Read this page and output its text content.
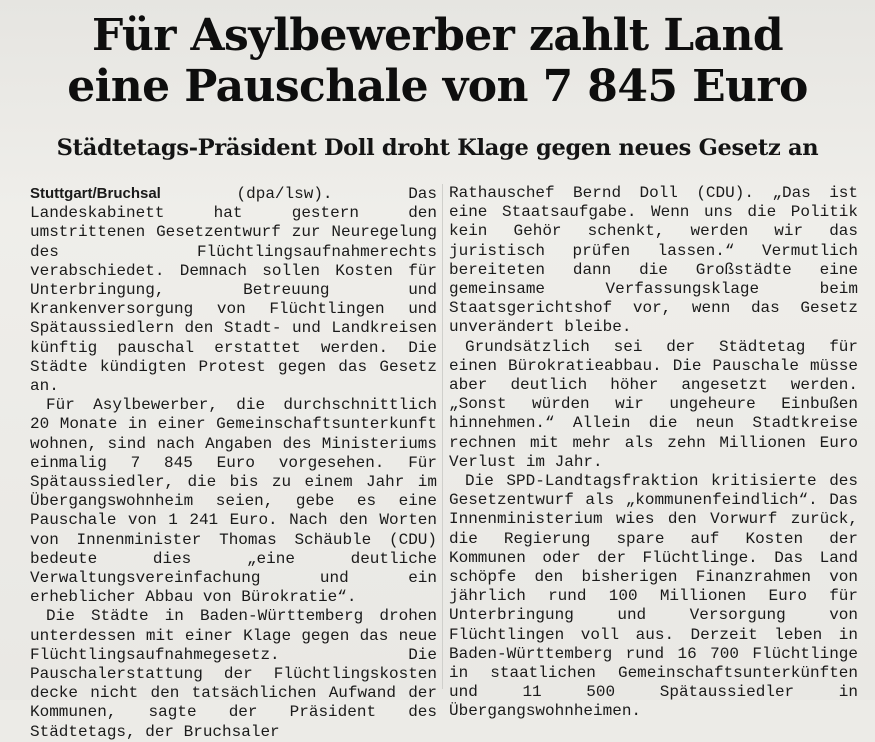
Für Asylbewerber zahlt Land
eine Pauschale von 7 845 Euro
Städtetags-Präsident Doll droht Klage gegen neues Gesetz an

Stuttgart/Bruchsal (dpa/lsw). Das Landeskabinett hat gestern den umstrittenen Gesetzentwurf zur Neuregelung des Flüchtlingsaufnahmerechts verabschiedet. Demnach sollen Kosten für Unterbringung, Betreuung und Krankenversorgung von Flüchtlingen und Spätaussiedlern den Stadt- und Landkreisen künftig pauschal erstattet werden. Die Städte kündigten Protest gegen das Gesetz an.

Für Asylbewerber, die durchschnittlich 20 Monate in einer Gemeinschaftsunterkunft wohnen, sind nach Angaben des Ministeriums einmalig 7 845 Euro vorgesehen. Für Spätaussiedler, die bis zu einem Jahr im Übergangswohnheim seien, gebe es eine Pauschale von 1 241 Euro. Nach den Worten von Innenminister Thomas Schäuble (CDU) bedeute dies „eine deutliche Verwaltungsvereinfachung und ein erheblicher Abbau von Bürokratie“.

Die Städte in Baden-Württemberg drohen unterdessen mit einer Klage gegen das neue Flüchtlingsaufnahmegesetz. Die Pauschalerstattung der Flüchtlingskosten decke nicht den tatsächlichen Aufwand der Kommunen, sagte der Präsident des Städtetags, der Bruchsaler

Rathauschef Bernd Doll (CDU). „Das ist eine Staatsaufgabe. Wenn uns die Politik kein Gehör schenkt, werden wir das juristisch prüfen lassen.“ Vermutlich bereiteten dann die Großstädte eine gemeinsame Verfassungsklage beim Staatsgerichtshof vor, wenn das Gesetz unverändert bleibe.

Grundsätzlich sei der Städtetag für einen Bürokratieabbau. Die Pauschale müsse aber deutlich höher angesetzt werden. „Sonst würden wir ungeheure Einbußen hinnehmen.“ Allein die neun Stadtkreise rechnen mit mehr als zehn Millionen Euro Verlust im Jahr.

Die SPD-Landtagsfraktion kritisierte des Gesetzentwurf als „kommunenfeindlich“. Das Innenministerium wies den Vorwurf zurück, die Regierung spare auf Kosten der Kommunen oder der Flüchtlinge. Das Land schöpfe den bisherigen Finanzrahmen von jährlich rund 100 Millionen Euro für Unterbringung und Versorgung von Flüchtlingen voll aus. Derzeit leben in Baden-Württemberg rund 16 700 Flüchtlinge in staatlichen Gemeinschaftsunterkünften und 11 500 Spätaussiedler in Übergangswohnheimen.
